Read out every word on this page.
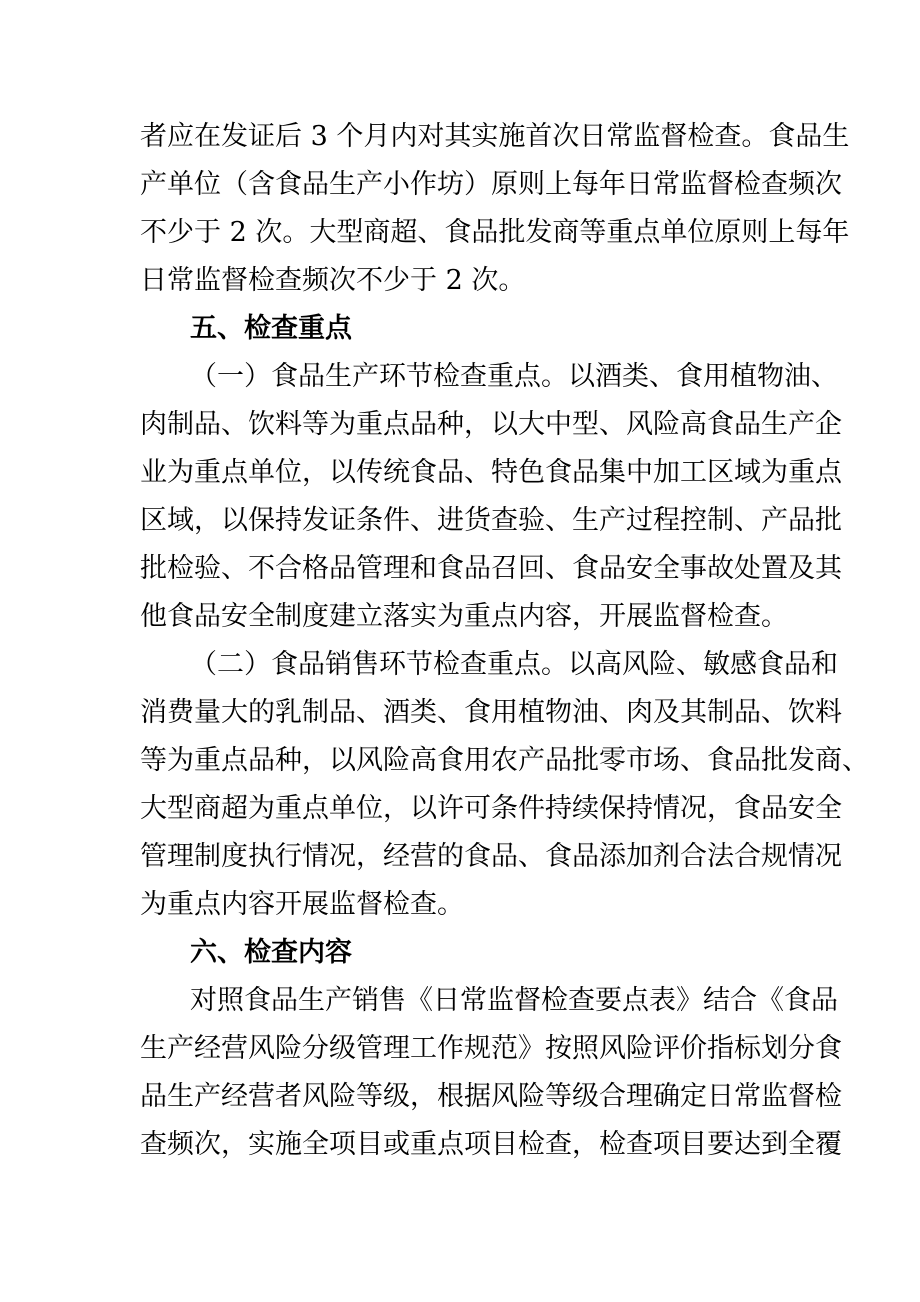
者应在发证后 3 个月内对其实施首次日常监督检查。食品生
产单位（含食品生产小作坊）原则上每年日常监督检查频次
不少于 2 次。大型商超、食品批发商等重点单位原则上每年
日常监督检查频次不少于 2 次。
五、检查重点
（一）食品生产环节检查重点。以酒类、食用植物油、
肉制品、饮料等为重点品种，以大中型、风险高食品生产企
业为重点单位，以传统食品、特色食品集中加工区域为重点
区域，以保持发证条件、进货查验、生产过程控制、产品批
批检验、不合格品管理和食品召回、食品安全事故处置及其
他食品安全制度建立落实为重点内容，开展监督检查。
（二）食品销售环节检查重点。以高风险、敏感食品和
消费量大的乳制品、酒类、食用植物油、肉及其制品、饮料
等为重点品种，以风险高食用农产品批零市场、食品批发商、
大型商超为重点单位，以许可条件持续保持情况，食品安全
管理制度执行情况，经营的食品、食品添加剂合法合规情况
为重点内容开展监督检查。
六、检查内容
对照食品生产销售《日常监督检查要点表》结合《食品
生产经营风险分级管理工作规范》按照风险评价指标划分食
品生产经营者风险等级，根据风险等级合理确定日常监督检
查频次，实施全项目或重点项目检查，检查项目要达到全覆
